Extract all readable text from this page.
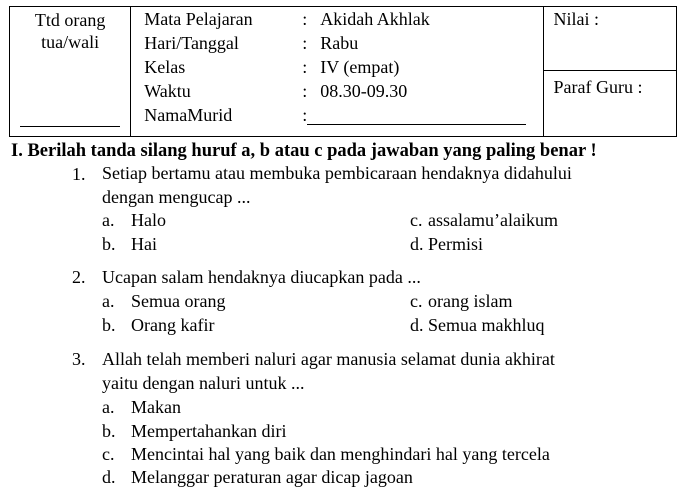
Ttd orang
tua/wali

Mata Pelajaran	: Akidah Akhlak
Hari/Tanggal	: Rabu
Kelas	: IV (empat)
Waktu	: 08.30-09.30
NamaMurid	:

Nilai :
Paraf Guru :
I. Berilah tanda silang huruf a, b atau c pada jawaban yang paling benar !
1. Setiap bertamu atau membuka pembicaraan hendaknya didahului
dengan mengucap ...
a. Halo	c. assalamu’alaikum
b. Hai	d. Permisi
2. Ucapan salam hendaknya diucapkan pada ...
a. Semua orang	c. orang islam
b. Orang kafir	d. Semua makhluq
3. Allah telah memberi naluri agar manusia selamat dunia akhirat
yaitu dengan naluri untuk ...
a. Makan
b. Mempertahankan diri
c. Mencintai hal yang baik dan menghindari hal yang tercela
d. Melanggar peraturan agar dicap jagoan
